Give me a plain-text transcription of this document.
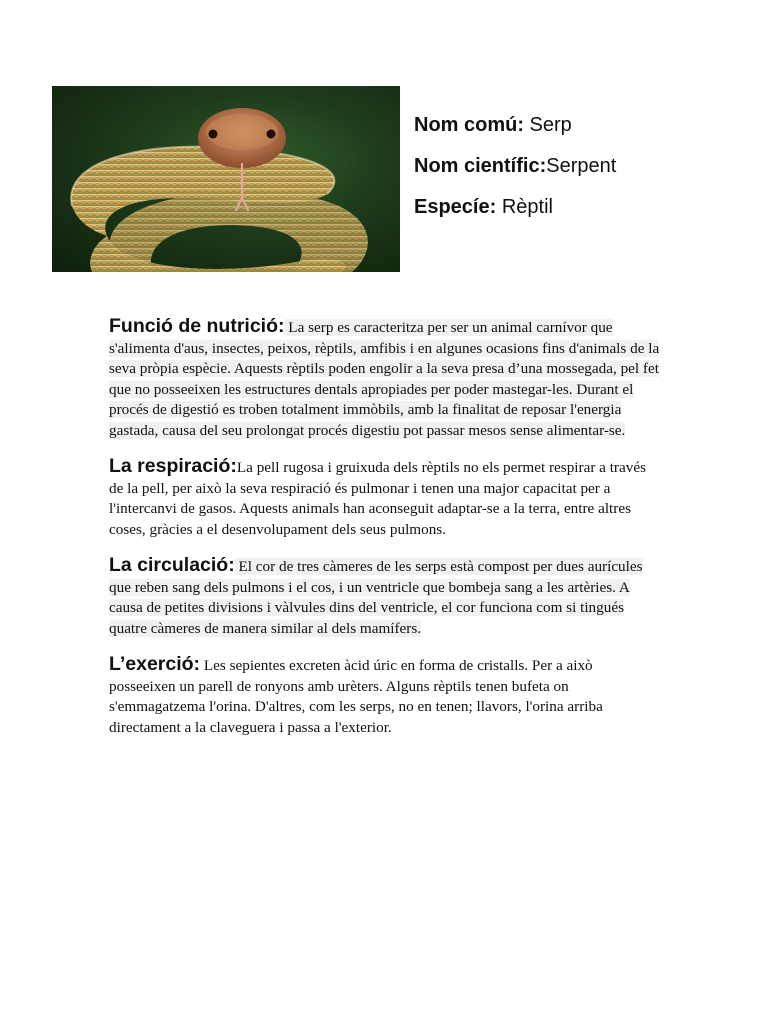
Nom comú: Serp
Nom científic:Serpent
Especíe: Rèptil

Funció de nutrició: La serp es caracteritza per ser un animal carnívor que s'alimenta d'aus, insectes, peixos, rèptils, amfibis i en algunes ocasions fins d'animals de la seva pròpia espècie. Aquests rèptils poden engolir a la seva presa d’una mossegada, pel fet que no posseeixen les estructures dentals apropiades per poder mastegar-les. Durant el procés de digestió es troben totalment immòbils, amb la finalitat de reposar l'energia gastada, causa del seu prolongat procés digestiu pot passar mesos sense alimentar-se.

La respiració:La pell rugosa i gruixuda dels rèptils no els permet respirar a través de la pell, per això la seva respiració és pulmonar i tenen una major capacitat per a l'intercanvi de gasos. Aquests animals han aconseguit adaptar-se a la terra, entre altres coses, gràcies a el desenvolupament dels seus pulmons.

La circulació: El cor de tres càmeres de les serps està compost per dues aurícules que reben sang dels pulmons i el cos, i un ventricle que bombeja sang a les artèries. A causa de petites divisions i vàlvules dins del ventricle, el cor funciona com si tingués quatre càmeres de manera similar al dels mamífers.

L’exerció: Les sepientes excreten àcid úric en forma de cristalls. Per a això posseeixen un parell de ronyons amb urèters. Alguns rèptils tenen bufeta on s'emmagatzema l'orina. D'altres, com les serps, no en tenen; llavors, l'orina arriba directament a la claveguera i passa a l'exterior.
